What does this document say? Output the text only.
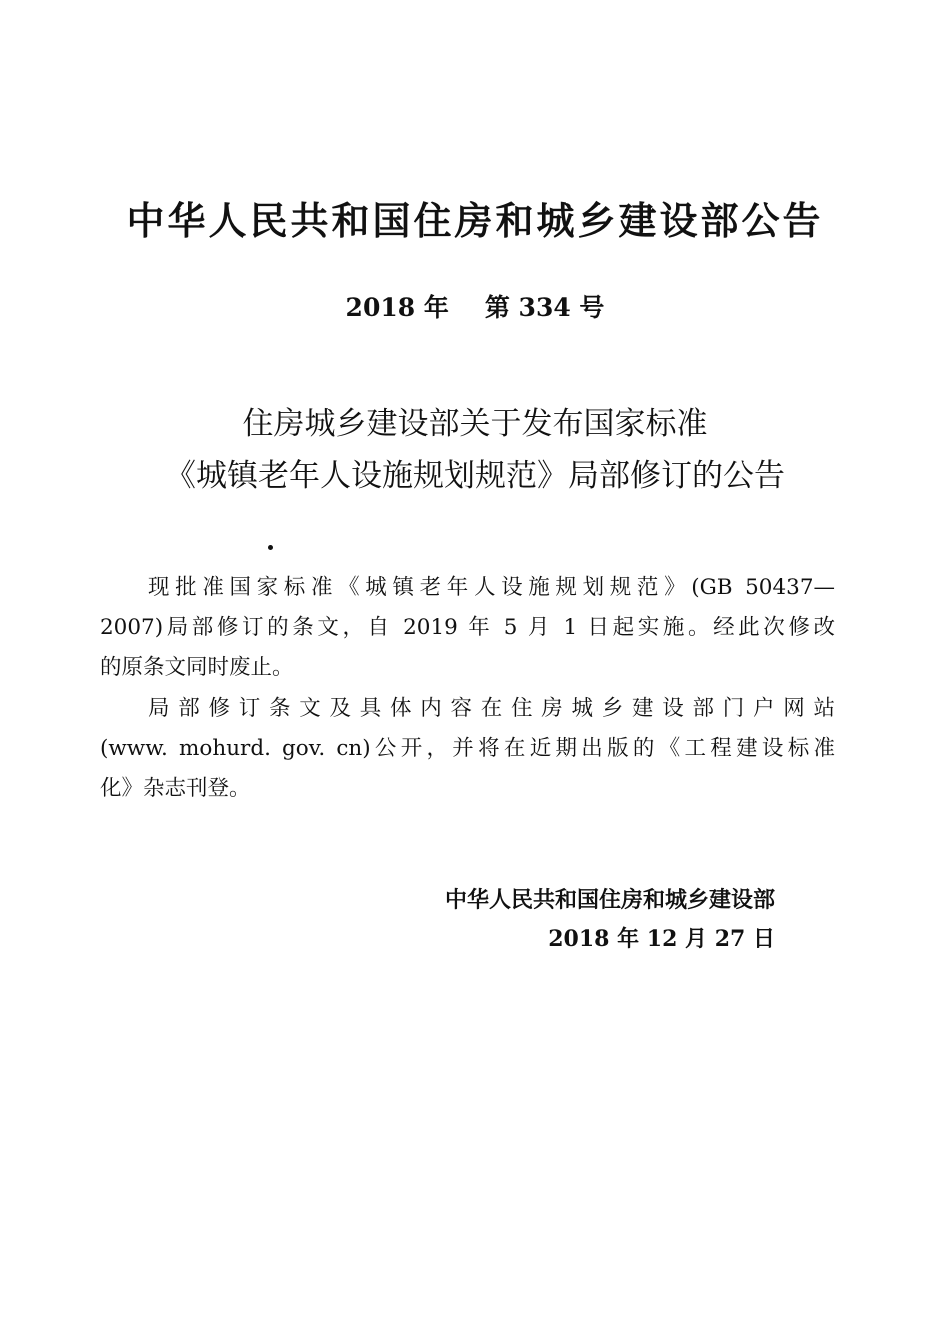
中华人民共和国住房和城乡建设部公告
2018 年 第 334 号
住房城乡建设部关于发布国家标准
《城镇老年人设施规划规范》局部修订的公告
现批准国家标准《城镇老年人设施规划规范》(GB 50437—
2007)局部修订的条文，自 2019 年 5 月 1 日起实施。经此次修改
的原条文同时废止。
局部修订条文及具体内容在住房城乡建设部门户网站
(www. mohurd. gov. cn)公开，并将在近期出版的《工程建设标准
化》杂志刊登。
中华人民共和国住房和城乡建设部
2018 年 12 月 27 日
